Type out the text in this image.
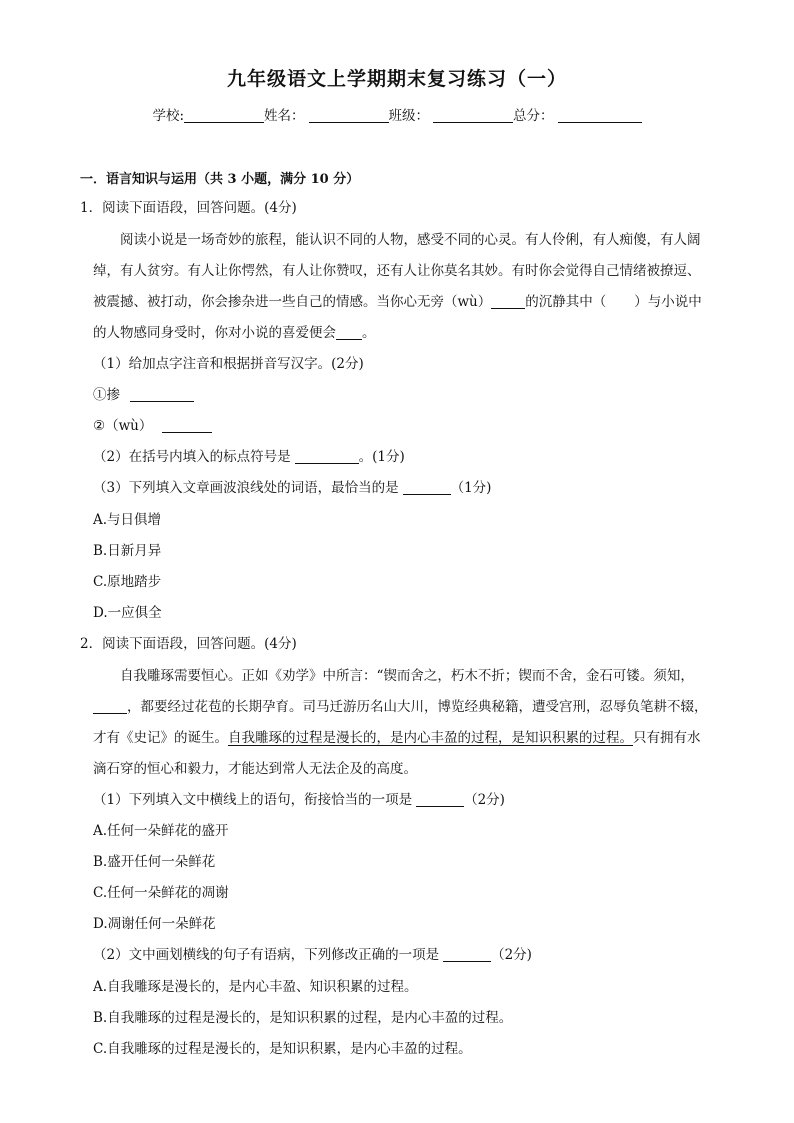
九年级语文上学期期末复习练习（一）
学校:	姓名：	班级：	总分：
一．语言知识与运用（共 3 小题，满分 10 分）
1．阅读下面语段，回答问题。(4分)
阅读小说是一场奇妙的旅程，能认识不同的人物，感受不同的心灵。有人伶俐，有人痴傻，有人阔
绰，有人贫穷。有人让你愕然，有人让你赞叹，还有人让你莫名其妙。有时你会觉得自己情绪被撩逗、
被震撼、被打动，你会掺杂进一些自己的情感。当你心无旁（wù）	的沉静其中（ ）与小说中
的人物感同身受时，你对小说的喜爱便会 。
（1）给加点字注音和根据拼音写汉字。(2分)
①掺
②（wù）
（2）在括号内填入的标点符号是	。(1分)
（3）下列填入文章画波浪线处的词语，最恰当的是	（1分)
A.与日俱增
B.日新月异
C.原地踏步
D.一应俱全
2．阅读下面语段，回答问题。(4分)
自我雕琢需要恒心。正如《劝学》中所言：“锲而舍之，朽木不折；锲而不舍，金石可镂。须知，
，都要经过花苞的长期孕育。司马迁游历名山大川，博览经典秘籍，遭受宫刑，忍辱负笔耕不辍，
才有《史记》的诞生。自我雕琢的过程是漫长的，是内心丰盈的过程，是知识积累的过程。只有拥有水
滴石穿的恒心和毅力，才能达到常人无法企及的高度。
（1）下列填入文中横线上的语句，衔接恰当的一项是	（2分)
A.任何一朵鲜花的盛开
B.盛开任何一朵鲜花
C.任何一朵鲜花的凋谢
D.凋谢任何一朵鲜花
（2）文中画划横线的句子有语病，下列修改正确的一项是	（2分)
A.自我雕琢是漫长的，是内心丰盈、知识积累的过程。
B.自我雕琢的过程是漫长的，是知识积累的过程，是内心丰盈的过程。
C.自我雕琢的过程是漫长的，是知识积累，是内心丰盈的过程。
